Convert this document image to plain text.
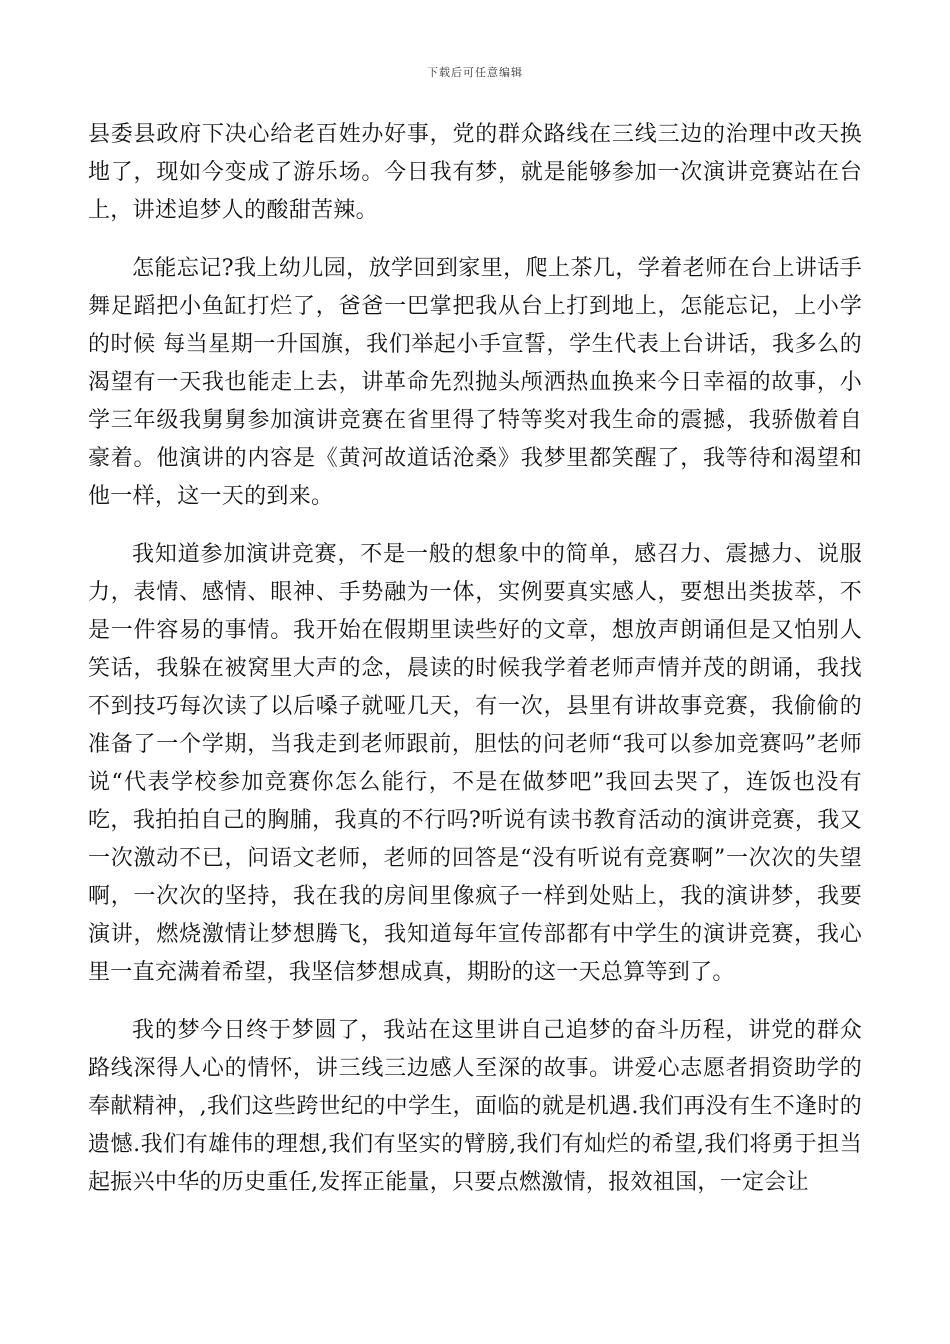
下载后可任意编辑

县委县政府下决心给老百姓办好事，党的群众路线在三线三边的治理中改天换地了，现如今变成了游乐场。今日我有梦，就是能够参加一次演讲竞赛站在台上，讲述追梦人的酸甜苦辣。

怎能忘记?我上幼儿园，放学回到家里，爬上茶几，学着老师在台上讲话手舞足蹈把小鱼缸打烂了，爸爸一巴掌把我从台上打到地上，怎能忘记，上小学的时候 每当星期一升国旗，我们举起小手宣誓，学生代表上台讲话，我多么的渴望有一天我也能走上去，讲革命先烈抛头颅洒热血换来今日幸福的故事，小学三年级我舅舅参加演讲竞赛在省里得了特等奖对我生命的震撼，我骄傲着自豪着。他演讲的内容是《黄河故道话沧桑》我梦里都笑醒了，我等待和渴望和他一样，这一天的到来。

我知道参加演讲竞赛，不是一般的想象中的简单，感召力、震撼力、说服力，表情、感情、眼神、手势融为一体，实例要真实感人，要想出类拔萃，不是一件容易的事情。我开始在假期里读些好的文章，想放声朗诵但是又怕别人笑话，我躲在被窝里大声的念，晨读的时候我学着老师声情并茂的朗诵，我找不到技巧每次读了以后嗓子就哑几天，有一次，县里有讲故事竞赛，我偷偷的准备了一个学期，当我走到老师跟前，胆怯的问老师“我可以参加竞赛吗”老师说“代表学校参加竞赛你怎么能行，不是在做梦吧”我回去哭了，连饭也没有吃，我拍拍自己的胸脯，我真的不行吗?听说有读书教育活动的演讲竞赛，我又一次激动不已，问语文老师，老师的回答是“没有听说有竞赛啊”一次次的失望啊，一次次的坚持，我在我的房间里像疯子一样到处贴上，我的演讲梦，我要演讲，燃烧激情让梦想腾飞，我知道每年宣传部都有中学生的演讲竞赛，我心里一直充满着希望，我坚信梦想成真，期盼的这一天总算等到了。

我的梦今日终于梦圆了，我站在这里讲自己追梦的奋斗历程，讲党的群众路线深得人心的情怀，讲三线三边感人至深的故事。讲爱心志愿者捐资助学的奉献精神，,我们这些跨世纪的中学生，面临的就是机遇.我们再没有生不逢时的遗憾.我们有雄伟的理想,我们有坚实的臂膀,我们有灿烂的希望,我们将勇于担当起振兴中华的历史重任,发挥正能量，只要点燃激情，报效祖国，一定会让
